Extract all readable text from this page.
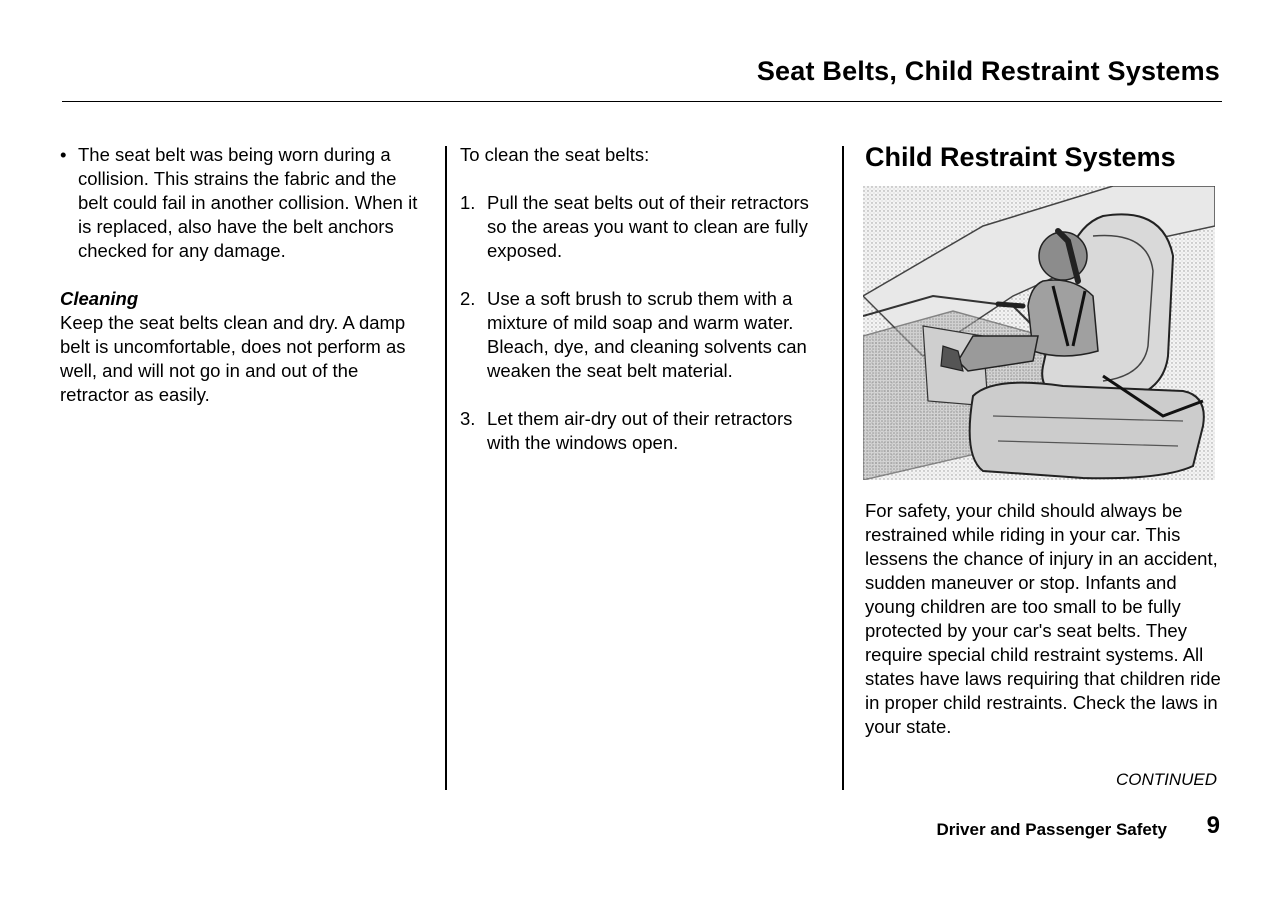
Seat Belts, Child Restraint Systems
• The seat belt was being worn during a collision. This strains the fabric and the belt could fail in another collision. When it is replaced, also have the belt anchors checked for any damage.
Cleaning
Keep the seat belts clean and dry. A damp belt is uncomfortable, does not perform as well, and will not go in and out of the retractor as easily.
To clean the seat belts:
1. Pull the seat belts out of their retractors so the areas you want to clean are fully exposed.
2. Use a soft brush to scrub them with a mixture of mild soap and warm water. Bleach, dye, and cleaning solvents can weaken the seat belt material.
3. Let them air-dry out of their retractors with the windows open.
Child Restraint Systems
For safety, your child should always be restrained while riding in your car. This lessens the chance of injury in an accident, sudden maneuver or stop. Infants and young children are too small to be fully protected by your car's seat belts. They require special child restraint systems. All states have laws requiring that children ride in proper child restraints. Check the laws in your state.
CONTINUED
Driver and Passenger Safety 9
